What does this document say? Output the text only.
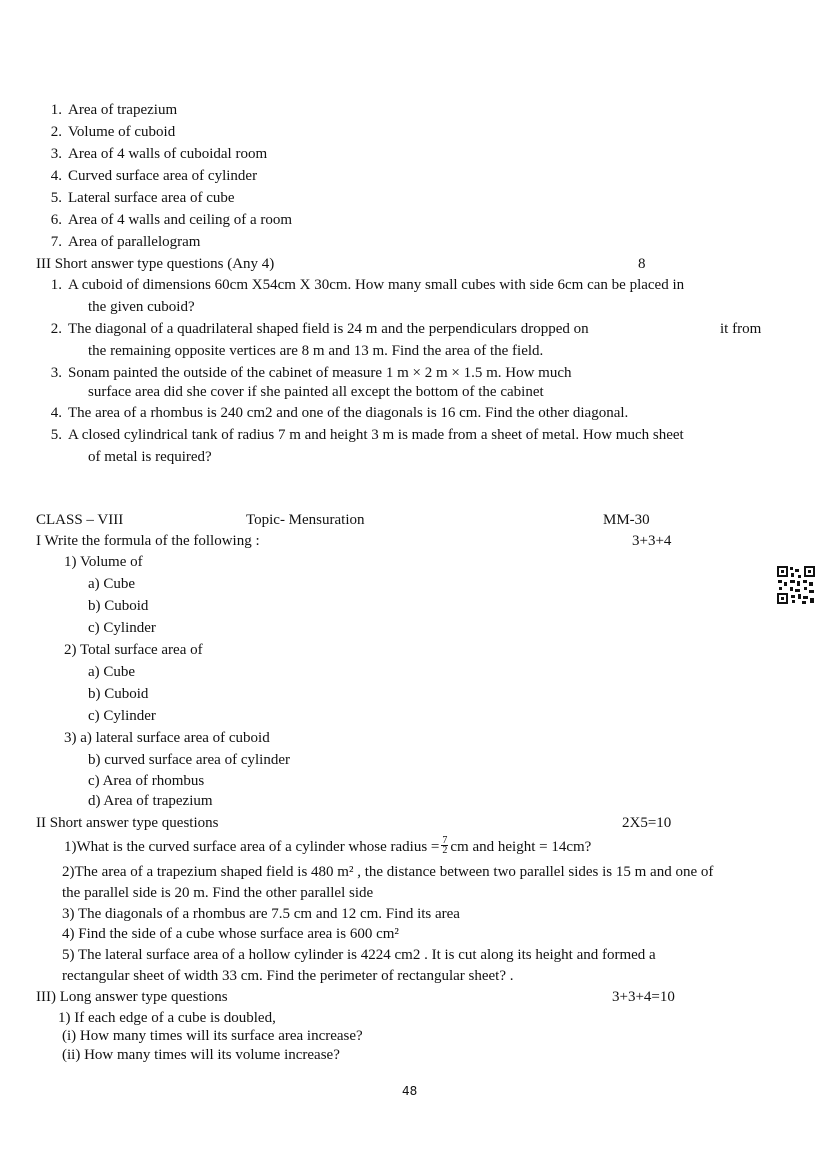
1. Area of trapezium
2. Volume of cuboid
3. Area of 4 walls of cuboidal room
4. Curved surface area of cylinder
5. Lateral surface area of cube
6. Area of 4 walls and ceiling of a room
7. Area of parallelogram
III Short answer type questions (Any 4)	8
1. A cuboid of dimensions 60cm X54cm X 30cm. How many small cubes with side 6cm can be placed in
the given cuboid?
2. The diagonal of a quadrilateral shaped field is 24 m and the perpendiculars dropped on	it from
the remaining opposite vertices are 8 m and 13 m. Find the area of the field.
3. Sonam painted the outside of the cabinet of measure 1 m × 2 m × 1.5 m. How much
surface area did she cover if she painted all except the bottom of the cabinet
4. The area of a rhombus is 240 cm2 and one of the diagonals is 16 cm. Find the other diagonal.
5. A closed cylindrical tank of radius 7 m and height 3 m is made from a sheet of metal. How much sheet
of metal is required?
CLASS – VIII	Topic- Mensuration	MM-30
I Write the formula of the following :	3+3+4
1) Volume of
a) Cube
b) Cuboid
c) Cylinder
2) Total surface area of
a) Cube
b) Cuboid
c) Cylinder
3) a) lateral surface area of cuboid
b) curved surface area of cylinder
c) Area of rhombus
d) Area of trapezium
II Short answer type questions	2X5=10
1)What is the curved surface area of a cylinder whose radius = $\frac{7}{2}$ cm and height = 14cm?
2)The area of a trapezium shaped field is 480 m² , the distance between two parallel sides is 15 m and one of
the parallel side is 20 m. Find the other parallel side
3) The diagonals of a rhombus are 7.5 cm and 12 cm. Find its area
4) Find the side of a cube whose surface area is 600 cm²
5) The lateral surface area of a hollow cylinder is 4224 cm2 . It is cut along its height and formed a
rectangular sheet of width 33 cm. Find the perimeter of rectangular sheet? .
III) Long answer type questions	3+3+4=10
1) If each edge of a cube is doubled,
(i) How many times will its surface area increase?
(ii) How many times will its volume increase?
48
